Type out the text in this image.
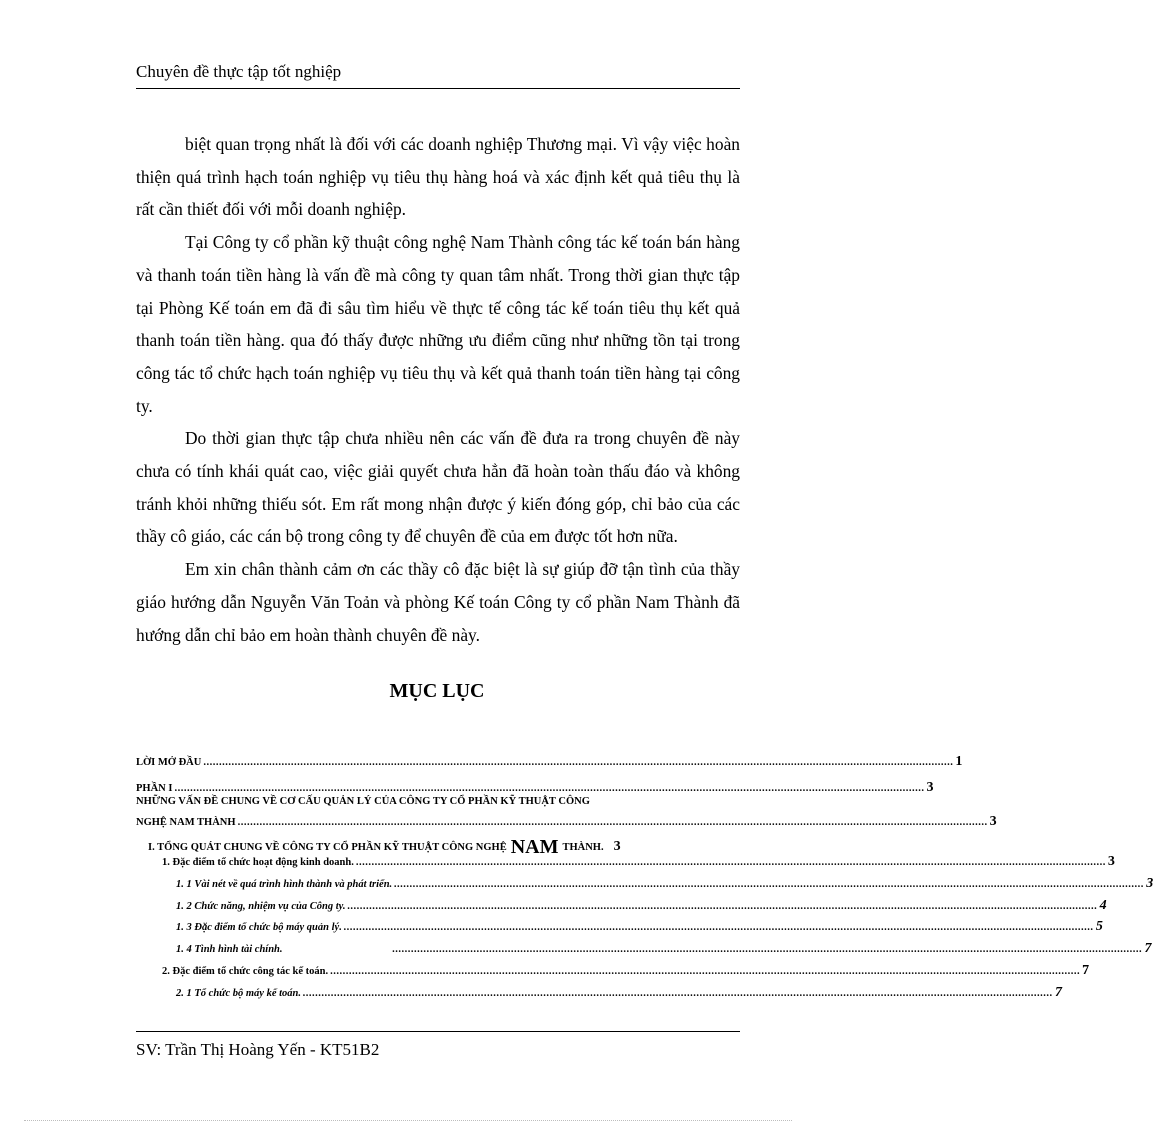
Chuyên đề thực tập tốt nghiệp

biệt quan trọng nhất là đối với các doanh nghiệp Thương mại. Vì vậy việc hoàn thiện quá trình hạch toán nghiệp vụ tiêu thụ hàng hoá và xác định kết quả tiêu thụ là rất cần thiết đối với mỗi doanh nghiệp.

Tại Công ty cổ phần kỹ thuật công nghệ Nam Thành công tác kế toán bán hàng và thanh toán tiền hàng là vấn đề mà công ty quan tâm nhất. Trong thời gian thực tập tại Phòng Kế toán em đã đi sâu tìm hiểu về thực tế công tác kế toán tiêu thụ kết quả thanh toán tiền hàng. qua đó thấy được những ưu điểm cũng như những tồn tại trong công tác tổ chức hạch toán nghiệp vụ tiêu thụ và kết quả thanh toán tiền hàng tại công ty.

Do thời gian thực tập chưa nhiều nên các vấn đề đưa ra trong chuyên đề này chưa có tính khái quát cao, việc giải quyết chưa hẳn đã hoàn toàn thấu đáo và không tránh khỏi những thiếu sót. Em rất mong nhận được ý kiến đóng góp, chỉ bảo của các thầy cô giáo, các cán bộ trong công ty để chuyên đề của em được tốt hơn nữa.

Em xin chân thành cảm ơn các thầy cô đặc biệt là sự giúp đỡ tận tình của thầy giáo hướng dẫn Nguyễn Văn Toản và phòng Kế toán Công ty cổ phần Nam Thành đã hướng dẫn chỉ bảo em hoàn thành chuyên đề này.

MỤC LỤC
LỜI MỞ ĐẦU ................................................................................................................................................................................................................................................ 1
PHẦN I ................................................................................................................................................................................................................................................ 3
NHỮNG VẤN ĐỀ CHUNG VỀ CƠ CẤU QUẢN LÝ CỦA CÔNG TY CỔ PHẦN KỸ THUẬT CÔNG
NGHỆ NAM THÀNH ................................................................................................................................................................................................................................................ 3
I. TỔNG QUÁT CHUNG VỀ CÔNG TY CỔ PHẦN KỸ THUẬT CÔNG NGHỆ NAM THÀNH. 3
1. Đặc điểm tổ chức hoạt động kinh doanh. ................................................................................................................................................................................................................................................ 3
1. 1 Vài nét về quá trình hình thành và phát triển. ................................................................................................................................................................................................................................................ 3
1. 2 Chức năng, nhiệm vụ của Công ty. ................................................................................................................................................................................................................................................ 4
1. 3 Đặc điểm tổ chức bộ máy quản lý. ................................................................................................................................................................................................................................................ 5
1. 4 Tình hình tài chính.	................................................................................................................................................................................................................................................ 7
2. Đặc điểm tổ chức công tác kế toán. ................................................................................................................................................................................................................................................ 7
2. 1 Tổ chức bộ máy kế toán. ................................................................................................................................................................................................................................................ 7
SV: Trần Thị Hoàng Yến - KT51B2
